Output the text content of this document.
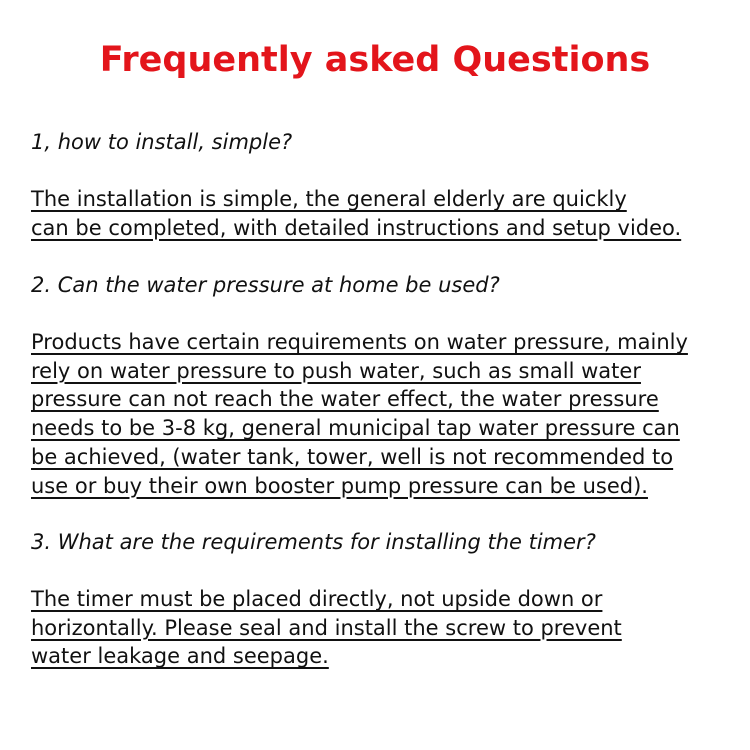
Frequently asked Questions
1, how to install, simple?
The installation is simple, the general elderly are quickly
can be completed, with detailed instructions and setup video.
2. Can the water pressure at home be used?
Products have certain requirements on water pressure, mainly
rely on water pressure to push water, such as small water
pressure can not reach the water effect, the water pressure
needs to be 3-8 kg, general municipal tap water pressure can
be achieved, (water tank, tower, well is not recommended to
use or buy their own booster pump pressure can be used).
3. What are the requirements for installing the timer?
The timer must be placed directly, not upside down or
horizontally. Please seal and install the screw to prevent
water leakage and seepage.
